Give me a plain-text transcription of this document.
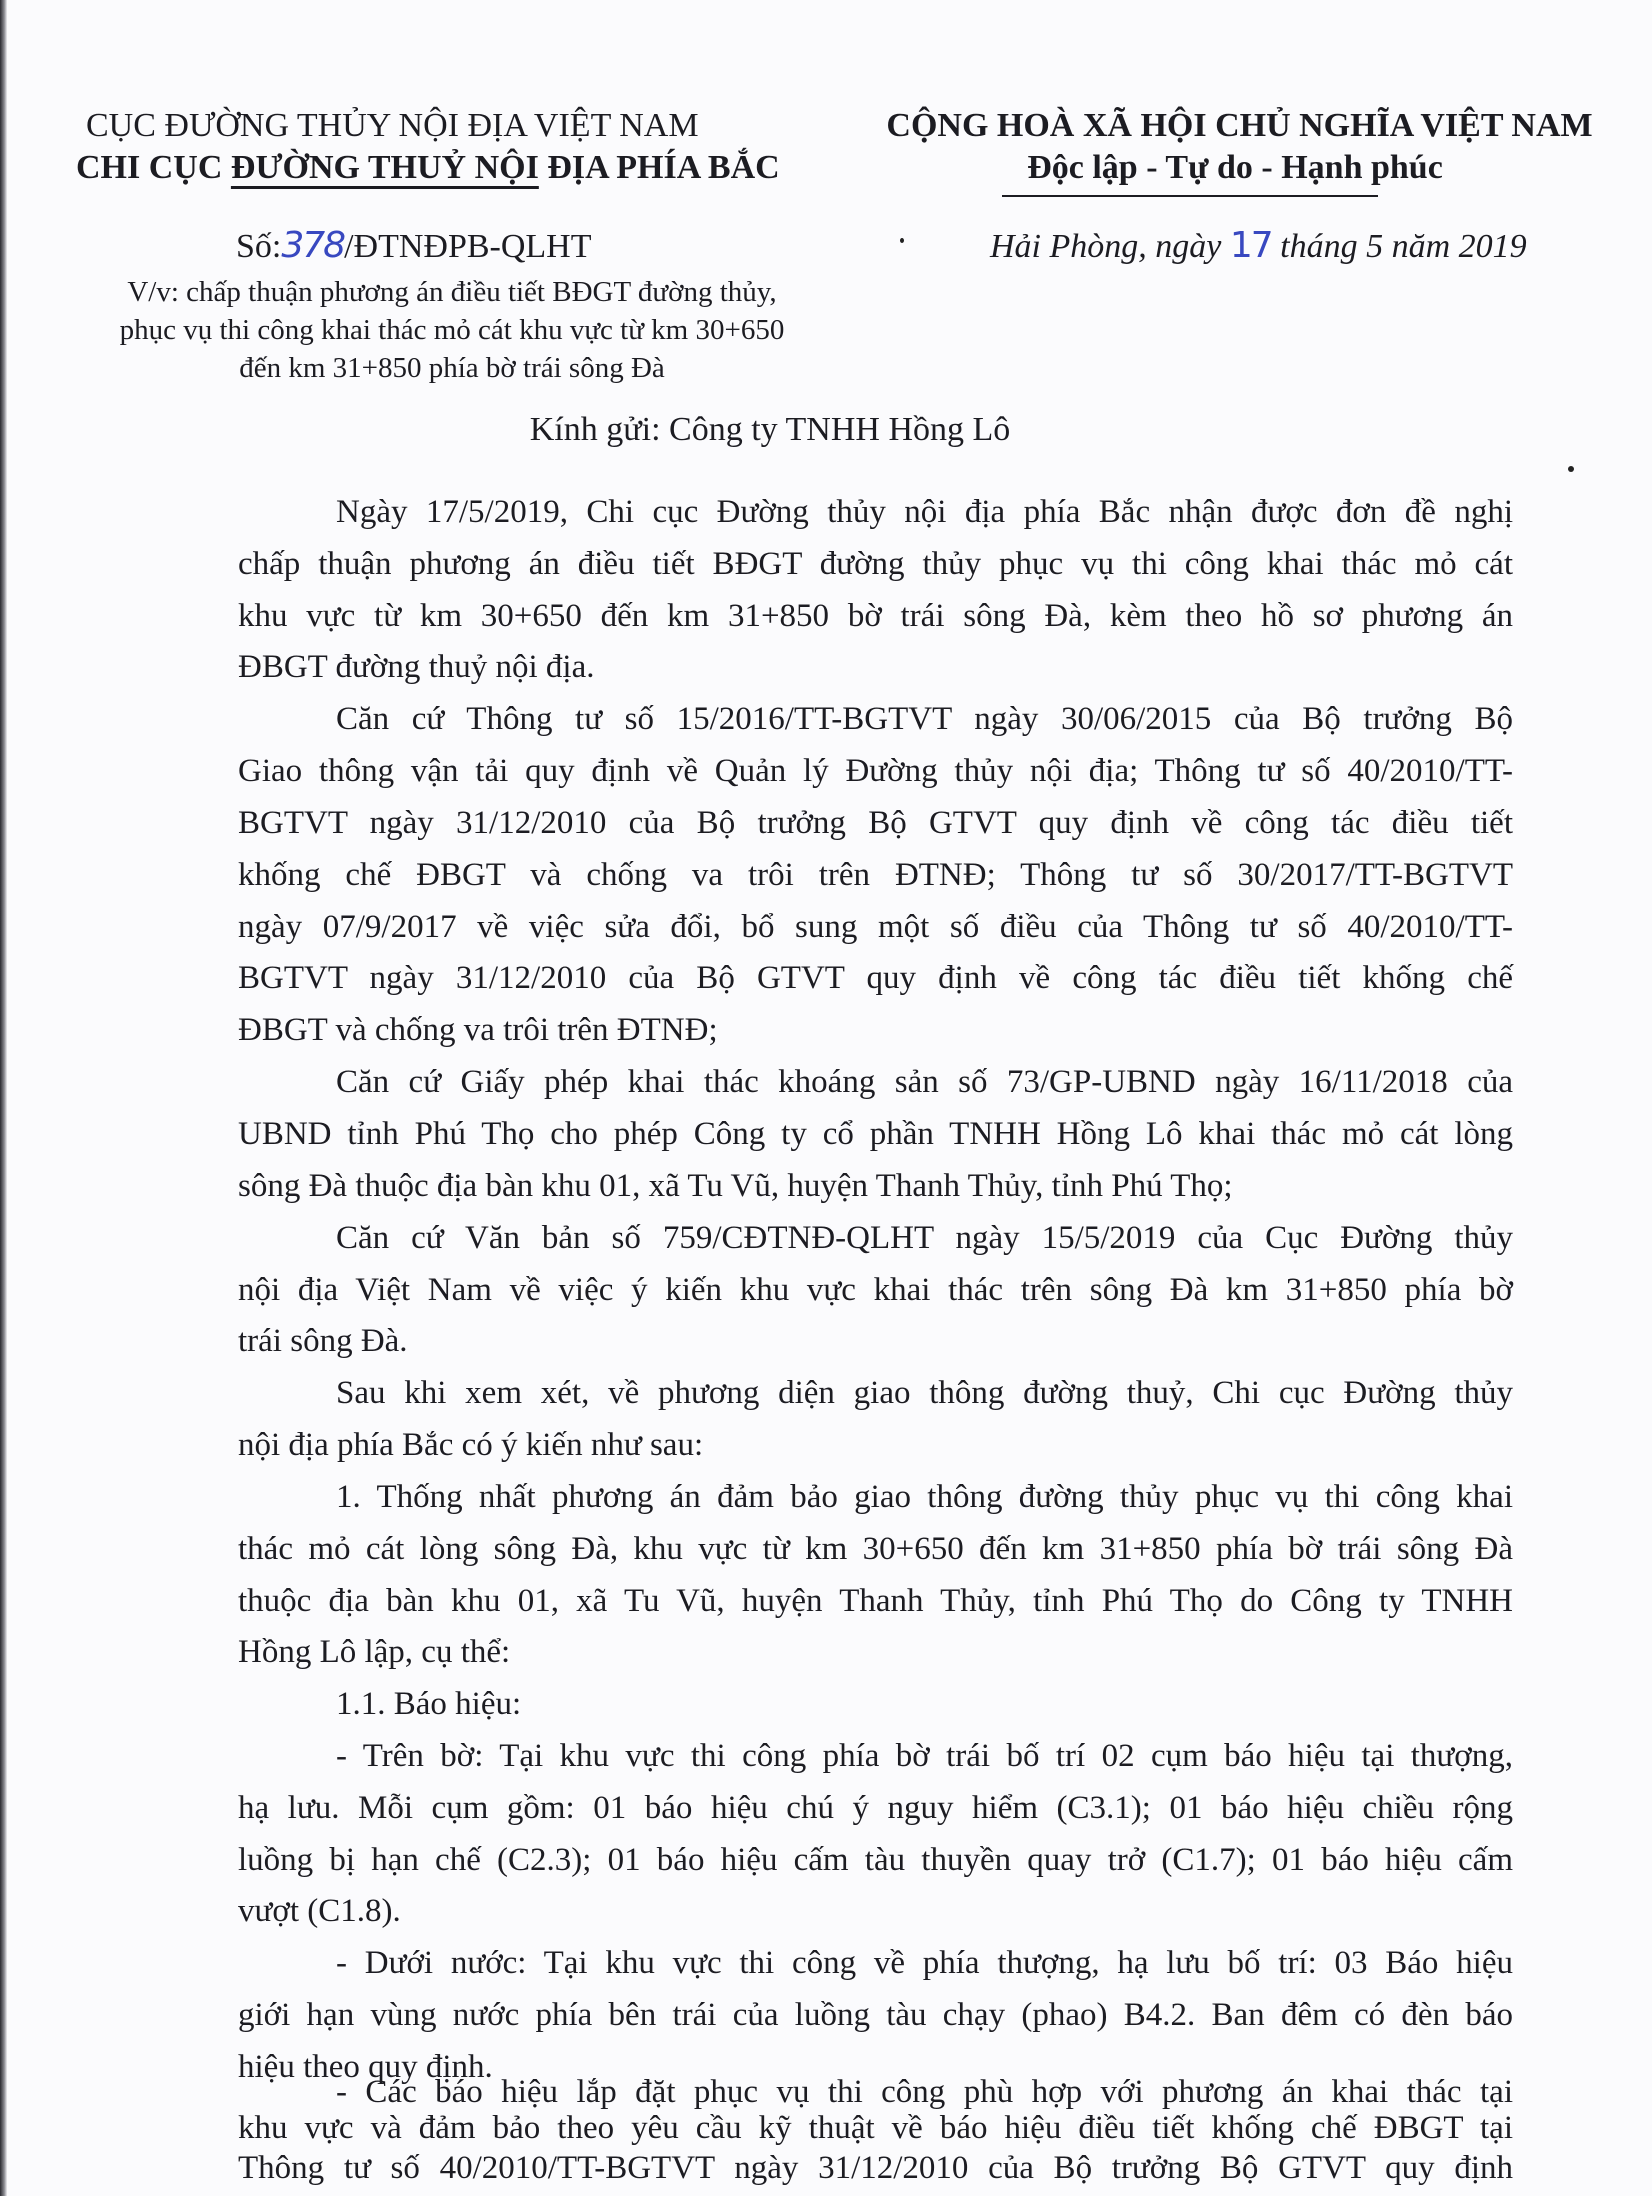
CỤC ĐƯỜNG THỦY NỘI ĐỊA VIỆT NAM
CHI CỤC ĐƯỜNG THUỶ NỘI ĐỊA PHÍA BẮC
CỘNG HOÀ XÃ HỘI CHỦ NGHĨA VIỆT NAM
Độc lập - Tự do - Hạnh phúc
Số:378/ĐTNĐPB-QLHT	Hải Phòng, ngày 17 tháng 5 năm 2019
V/v: chấp thuận phương án điều tiết BĐGT đường thủy,
phục vụ thi công khai thác mỏ cát khu vực từ km 30+650
đến km 31+850 phía bờ trái sông Đà
Kính gửi: Công ty TNHH Hồng Lô
Ngày 17/5/2019, Chi cục Đường thủy nội địa phía Bắc nhận được đơn đề nghị
chấp thuận phương án điều tiết BĐGT đường thủy phục vụ thi công khai thác mỏ cát
khu vực từ km 30+650 đến km 31+850 bờ trái sông Đà, kèm theo hồ sơ phương án
ĐBGT đường thuỷ nội địa.
Căn cứ Thông tư số 15/2016/TT-BGTVT ngày 30/06/2015 của Bộ trưởng Bộ
Giao thông vận tải quy định về Quản lý Đường thủy nội địa; Thông tư số 40/2010/TT-
BGTVT ngày 31/12/2010 của Bộ trưởng Bộ GTVT quy định về công tác điều tiết
khống chế ĐBGT và chống va trôi trên ĐTNĐ; Thông tư số 30/2017/TT-BGTVT
ngày 07/9/2017 về việc sửa đổi, bổ sung một số điều của Thông tư số 40/2010/TT-
BGTVT ngày 31/12/2010 của Bộ GTVT quy định về công tác điều tiết khống chế
ĐBGT và chống va trôi trên ĐTNĐ;
Căn cứ Giấy phép khai thác khoáng sản số 73/GP-UBND ngày 16/11/2018 của
UBND tỉnh Phú Thọ cho phép Công ty cổ phần TNHH Hồng Lô khai thác mỏ cát lòng
sông Đà thuộc địa bàn khu 01, xã Tu Vũ, huyện Thanh Thủy, tỉnh Phú Thọ;
Căn cứ Văn bản số 759/CĐTNĐ-QLHT ngày 15/5/2019 của Cục Đường thủy
nội địa Việt Nam về việc ý kiến khu vực khai thác trên sông Đà km 31+850 phía bờ
trái sông Đà.
Sau khi xem xét, về phương diện giao thông đường thuỷ, Chi cục Đường thủy
nội địa phía Bắc có ý kiến như sau:
1. Thống nhất phương án đảm bảo giao thông đường thủy phục vụ thi công khai
thác mỏ cát lòng sông Đà, khu vực từ km 30+650 đến km 31+850 phía bờ trái sông Đà
thuộc địa bàn khu 01, xã Tu Vũ, huyện Thanh Thủy, tỉnh Phú Thọ do Công ty TNHH
Hồng Lô lập, cụ thể:
1.1. Báo hiệu:
- Trên bờ: Tại khu vực thi công phía bờ trái bố trí 02 cụm báo hiệu tại thượng,
hạ lưu. Mỗi cụm gồm: 01 báo hiệu chú ý nguy hiểm (C3.1); 01 báo hiệu chiều rộng
luồng bị hạn chế (C2.3); 01 báo hiệu cấm tàu thuyền quay trở (C1.7); 01 báo hiệu cấm
vượt (C1.8).
- Dưới nước: Tại khu vực thi công về phía thượng, hạ lưu bố trí: 03 Báo hiệu
giới hạn vùng nước phía bên trái của luồng tàu chạy (phao) B4.2. Ban đêm có đèn báo
hiệu theo quy định.
- Các báo hiệu lắp đặt phục vụ thi công phù hợp với phương án khai thác tại
khu vực và đảm bảo theo yêu cầu kỹ thuật về báo hiệu điều tiết khống chế ĐBGT tại
Thông tư số 40/2010/TT-BGTVT ngày 31/12/2010 của Bộ trưởng Bộ GTVT quy định
